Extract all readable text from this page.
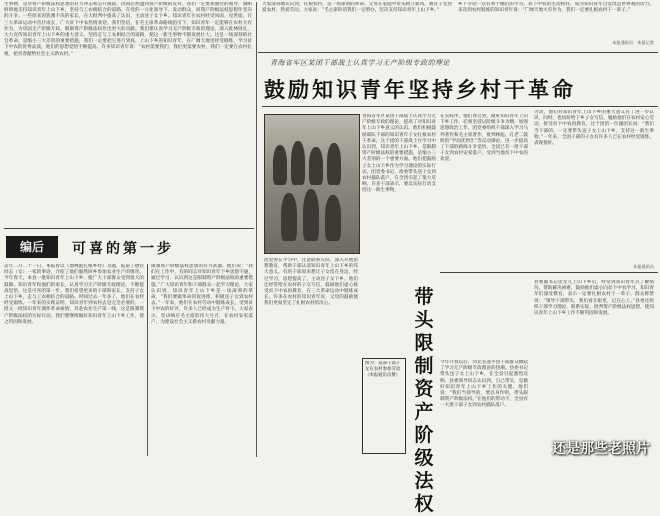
大家深刻地认识到，扎根农村，是一场深刻的革命。父母在家庭中带头树立新风，教育子女热爱农村，热爱劳动。大家说：“毛主席的话我们一定照办，坚决支持知识青年上山下乡。”
乡下劳动一次有利于她们的学习。贫下中农的生动榜样，成为知识青年自觉改造世界观的动力。多次到农村锻炼的知识青年说：“广阔天地大有作为，我们一定要扎根农村干一辈子。”
本报通讯员　本报记者
生事物，是对资产阶级法权思想的有力冲击和公开挑战，因而必然遭到资产阶级的反对。我们一定要加强党的领导，旗帜鲜明地支持知识青年上山下乡，坚持与工农相结合的道路。在党的一元化领导下，发动群众，同资产阶级法权思想作坚决的斗争。一些原来因犹豫不决的家长，在大批判中提高了认识，主动送子女下乡。知识青年在农村经受风雨，见世面，在三大革命运动中茁壮成长，广大贫下中农热情欢迎。我们坚信，在毛主席革命路线指引下，知识青年一定能够在农村大有作为，为巩固无产阶级专政，限制资产阶级法权作出更大的贡献。我们要认真学习无产阶级专政的理论，深入批林批孔，大力宣传知识青年上山下乡的重大意义，坚持走与工农相结合的道路，使这一新生事物不断发展壮大。这是一场深刻的社会革命，是缩小三大差别的重要措施，我们一定要把它进行到底。上山下乡的知识青年，在广阔天地里经受锻炼，学习贫下中农的优秀品质，他们的思想觉悟不断提高。许多知识青年说：“农村需要我们，我们更需要农村，我们一定要在农村扎根，把青春献给社会主义新农村。”
编后	可喜的第一步
去年二月二十一日，本报曾以《他林彪扎根乡村》为题，报道了德钦同志（女）一家的事迹，介绍了他们毅然回乡参加农业生产的情况。今年春天，本县一批知识青年上山下乡，使广大干部群众受到很大的鼓舞。知识青年和他们的家长，认真学习无产阶级专政理论，不断提高觉悟，这是可喜的第一步。我们希望更多的干部和家长，支持子女上山下乡，走与工农相结合的道路。时间过去一年多了，他们在农村经受锻炼，一年来的实践证明，知识青年到农村去是完全必要的。一批又一批知识青年满怀革命豪情，奔赴农业生产第一线，这是限制资产阶级法权的实际行动。我们要继续做好知识青年上山下乡工作，使之巩固和发展。
限制资产阶级法权思想的有力武器。他们说：“我们在工作中，有的同志对知识青年下乡思想不通，通过学习，认识到这是限制资产阶级法权的重要措施。”广大知识青年和干部群众一起学习理论，大家认识到，知识青年上山下乡是一场深刻的革命，“我们要做革命的促进派，积极送子女到农村去。”一年来，他们在农村劳动中锻炼成长，受到贫下中农的好评，许多人已经成为生产骨干。大家表示，坚决响应毛主席的伟大号召，在农村安家落户，为建设社会主义新农村贡献力量。
青海省军区某团干部战士认真学习无产阶级专政的理论
鼓励知识青年坚持乡村干革命
青海省军区某团干部战士认真学习无产阶级专政的理论，提高了对知识青年上山下乡意义的认识。他们积极鼓励部队干部的知识青年子女扎根农村干革命。这个团的干部战士在学习中认识到，知识青年上山下乡，是限制资产阶级法权的重要措施，是缩小三大差别的一个重要方面。他们把鼓励子女上山下乡作为学习理论的实际行动。团党委书记、政委带头送子女到农村插队落户，在全团引起了很大反响。许多干部表示，要以实际行动支持这一新生事物。
团党委在学习中，注意联系实际，深入开展思想教育，帮助干部认清知识青年上山下乡的伟大意义。有的干部原来想让子女留在身边，经过学习，思想提高了，主动送子女下乡。他们还经常给在农村的子女写信，鼓励他们虚心接受贫下中农再教育，在三大革命运动中锻炼成长。许多在农村的知识青年说，父母的鼓励使我们更加坚定了扎根农村的决心。
在实践中，他们体会到，做好知识青年上山下乡工作，必须坚持以阶级斗争为纲，加强思想政治工作。团党委组织干部深入学习马列著作和毛主席著作，批判林彪、孔老二鼓吹的“学而优则仕”等反动谬论，进一步提高了干部的路线斗争觉悟。全团已有一批干部子女到农村安家落户，受到当地贫下中农的欢迎。
劳动，他们对知识青年上山下乡的重大意义有了进一步认识，同时，也纷纷给下乡子女写信，勉励他们在农村安心劳动，接受贫下中农再教育。这个团的一位副团长说：“我们当干部的，一定要带头送子女上山下乡，支持这一新生事物。”一年来，全团干部的子女有许多人已在农村经受锻炼，表现很好。
本报通讯员
图为：某部干部子女在农村参加劳动（本报通讯员摄）
带头限制资产阶级法权
今年开春以后，河北省遂平县干部群众掀起了学习无产阶级专政理论的热潮。县委书记带头送子女上山下乡，在全县引起强烈反响。县委领导同志认识到，自己带头，是做好知识青年上山下乡工作的关键。他们说：“我们当领导的，要以身作则，带头限制资产阶级法权。”在他们的带动下，全县有一大批干部子女到农村插队落户。
县委副书记送女儿上山下乡后，经常到知识青年点了解情况，帮助解决困难，鼓励他们虚心向贫下中农学习。知识青年们深受教育，表示一定要扎根农村干一辈子。群众称赞说：“领导干部带头，我们看在眼里，记在心上。”县委还组织干部学习理论，联系实际，批判资产阶级法权思想，使知识青年上山下乡工作不断巩固和发展。
还是那些老照片
